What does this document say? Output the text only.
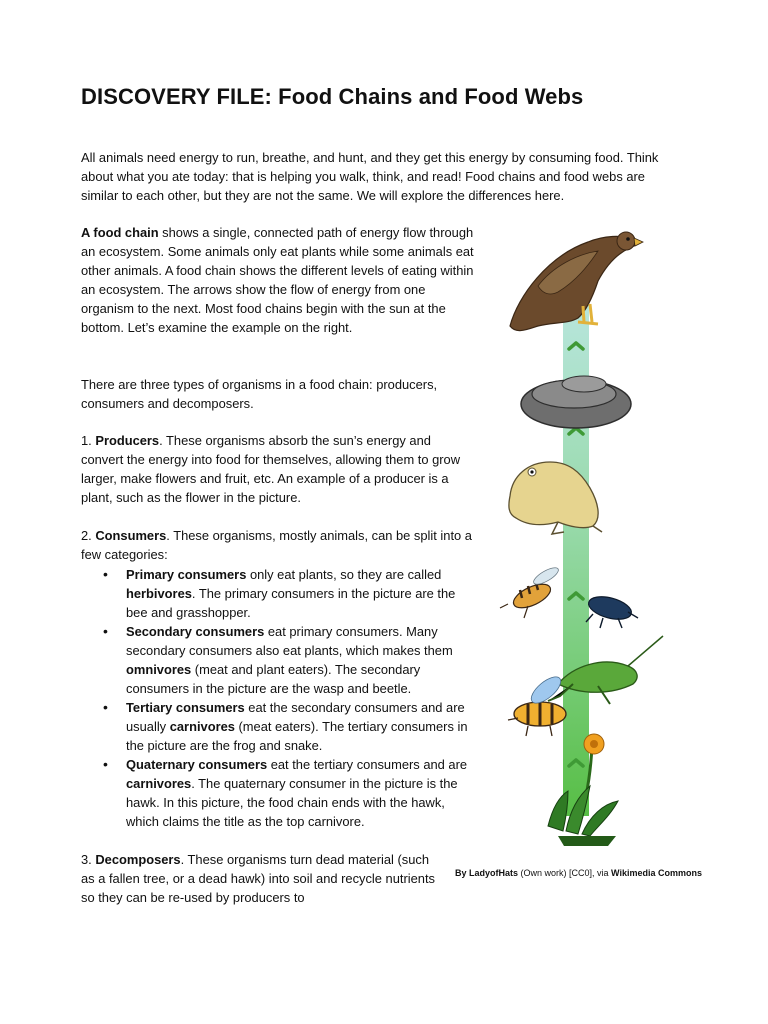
DISCOVERY FILE: Food Chains and Food Webs

All animals need energy to run, breathe, and hunt, and they get this energy by consuming food. Think about what you ate today: that is helping you walk, think, and read! Food chains and food webs are similar to each other, but they are not the same. We will explore the differences here.

A food chain shows a single, connected path of energy flow through an ecosystem. Some animals only eat plants while some animals eat other animals. A food chain shows the different levels of eating within an ecosystem. The arrows show the flow of energy from one organism to the next. Most food chains begin with the sun at the bottom. Let’s examine the example on the right.

There are three types of organisms in a food chain: producers, consumers and decomposers.

1. Producers. These organisms absorb the sun’s energy and convert the energy into food for themselves, allowing them to grow larger, make flowers and fruit, etc. An example of a producer is a plant, such as the flower in the picture.

2. Consumers. These organisms, mostly animals, can be split into a few categories:

• Primary consumers only eat plants, so they are called herbivores. The primary consumers in the picture are the bee and grasshopper.
• Secondary consumers eat primary consumers. Many secondary consumers also eat plants, which makes them omnivores (meat and plant eaters). The secondary consumers in the picture are the wasp and beetle.
• Tertiary consumers eat the secondary consumers and are usually carnivores (meat eaters). The tertiary consumers in the picture are the frog and snake.
• Quaternary consumers eat the tertiary consumers and are carnivores. The quaternary consumer in the picture is the hawk. In this picture, the food chain ends with the hawk, which claims the title as the top carnivore.

3. Decomposers. These organisms turn dead material (such as a fallen tree, or a dead hawk) into soil and recycle nutrients so they can be re-used by producers to

By LadyofHats (Own work) [CC0], via Wikimedia Commons
